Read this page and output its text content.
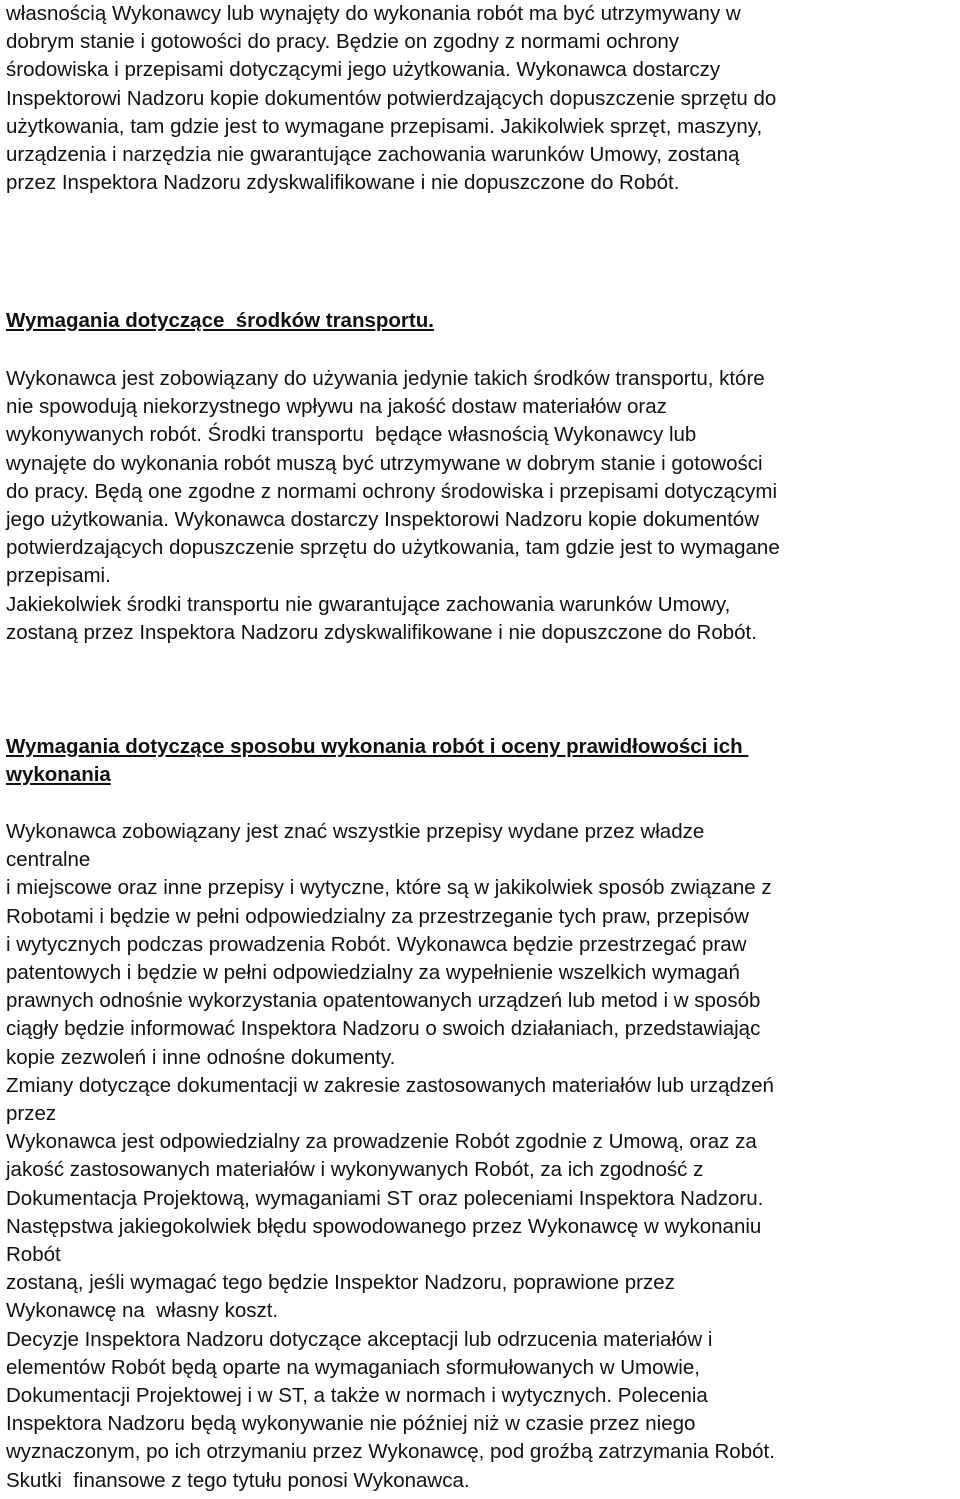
własnością Wykonawcy lub wynajęty do wykonania robót ma być utrzymywany w
dobrym stanie i gotowości do pracy. Będzie on zgodny z normami ochrony
środowiska i przepisami dotyczącymi jego użytkowania. Wykonawca dostarczy
Inspektorowi Nadzoru kopie dokumentów potwierdzających dopuszczenie sprzętu do
użytkowania, tam gdzie jest to wymagane przepisami. Jakikolwiek sprzęt, maszyny,
urządzenia i narzędzia nie gwarantujące zachowania warunków Umowy, zostaną
przez Inspektora Nadzoru zdyskwalifikowane i nie dopuszczone do Robót.
Wymagania dotyczące  środków transportu.
Wykonawca jest zobowiązany do używania jedynie takich środków transportu, które
nie spowodują niekorzystnego wpływu na jakość dostaw materiałów oraz
wykonywanych robót. Środki transportu  będące własnością Wykonawcy lub
wynajęte do wykonania robót muszą być utrzymywane w dobrym stanie i gotowości
do pracy. Będą one zgodne z normami ochrony środowiska i przepisami dotyczącymi
jego użytkowania. Wykonawca dostarczy Inspektorowi Nadzoru kopie dokumentów
potwierdzających dopuszczenie sprzętu do użytkowania, tam gdzie jest to wymagane
przepisami.
Jakiekolwiek środki transportu nie gwarantujące zachowania warunków Umowy,
zostaną przez Inspektora Nadzoru zdyskwalifikowane i nie dopuszczone do Robót.
Wymagania dotyczące sposobu wykonania robót i oceny prawidłowości ich
wykonania
Wykonawca zobowiązany jest znać wszystkie przepisy wydane przez władze
centralne
i miejscowe oraz inne przepisy i wytyczne, które są w jakikolwiek sposób związane z
Robotami i będzie w pełni odpowiedzialny za przestrzeganie tych praw, przepisów
i wytycznych podczas prowadzenia Robót. Wykonawca będzie przestrzegać praw
patentowych i będzie w pełni odpowiedzialny za wypełnienie wszelkich wymagań
prawnych odnośnie wykorzystania opatentowanych urządzeń lub metod i w sposób
ciągły będzie informować Inspektora Nadzoru o swoich działaniach, przedstawiając
kopie zezwoleń i inne odnośne dokumenty.
Zmiany dotyczące dokumentacji w zakresie zastosowanych materiałów lub urządzeń
przez
Wykonawca jest odpowiedzialny za prowadzenie Robót zgodnie z Umową, oraz za
jakość zastosowanych materiałów i wykonywanych Robót, za ich zgodność z
Dokumentacja Projektową, wymaganiami ST oraz poleceniami Inspektora Nadzoru.
Następstwa jakiegokolwiek błędu spowodowanego przez Wykonawcę w wykonaniu
Robót
zostaną, jeśli wymagać tego będzie Inspektor Nadzoru, poprawione przez
Wykonawcę na  własny koszt.
Decyzje Inspektora Nadzoru dotyczące akceptacji lub odrzucenia materiałów i
elementów Robót będą oparte na wymaganiach sformułowanych w Umowie,
Dokumentacji Projektowej i w ST, a także w normach i wytycznych. Polecenia
Inspektora Nadzoru będą wykonywanie nie później niż w czasie przez niego
wyznaczonym, po ich otrzymaniu przez Wykonawcę, pod groźbą zatrzymania Robót.
Skutki  finansowe z tego tytułu ponosi Wykonawca.
